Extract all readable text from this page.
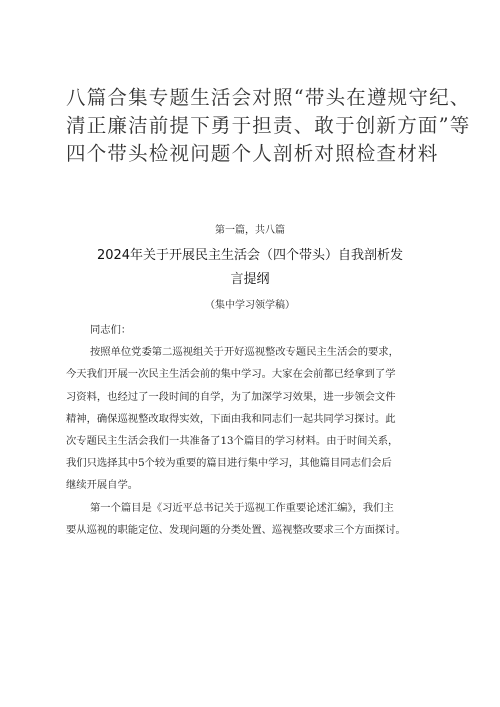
八篇合集专题生活会对照“带头在遵规守纪、
清正廉洁前提下勇于担责、敢于创新方面”等
四个带头检视问题个人剖析对照检查材料
第一篇，共八篇
2024年关于开展民主生活会（四个带头）自我剖析发
言提纲
（集中学习领学稿）
同志们：
按照单位党委第二巡视组关于开好巡视整改专题民主生活会的要求，
今天我们开展一次民主生活会前的集中学习。大家在会前都已经拿到了学
习资料，也经过了一段时间的自学，为了加深学习效果，进一步领会文件
精神，确保巡视整改取得实效，下面由我和同志们一起共同学习探讨。此
次专题民主生活会我们一共准备了13个篇目的学习材料。由于时间关系，
我们只选择其中5个较为重要的篇目进行集中学习，其他篇目同志们会后
继续开展自学。
第一个篇目是《习近平总书记关于巡视工作重要论述汇编》，我们主
要从巡视的职能定位、发现问题的分类处置、巡视整改要求三个方面探讨。
